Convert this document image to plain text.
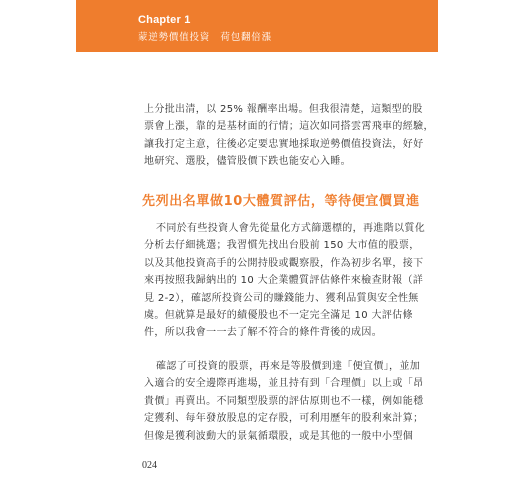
Chapter 1
蒙逆勢價值投資　荷包翻倍漲
上分批出清，以 25% 報酬率出場。但我很清楚，這類型的股
票會上漲，靠的是基材面的行情；這次如同搭雲霄飛車的經驗，
讓我打定主意，往後必定要忠實地採取逆勢價值投資法，好好
地研究、選股，儘管股價下跌也能安心入睡。
先列出名單做10大體質評估，等待便宜價買進
不同於有些投資人會先從量化方式篩選標的，再進階以質化
分析去仔細挑選；我習慣先找出台股前 150 大市值的股票，
以及其他投資高手的公開持股或觀察股，作為初步名單，接下
來再按照我歸納出的 10 大企業體質評估條件來檢查財報（詳
見 2-2），確認所投資公司的賺錢能力、獲利品質與安全性無
虞。但就算是最好的績優股也不一定完全滿足 10 大評估條
件，所以我會一一去了解不符合的條件背後的成因。
確認了可投資的股票，再來是等股價到達「便宜價」，並加
入適合的安全邊際再進場，並且持有到「合理價」以上或「昂
貴價」再賣出。不同類型股票的評估原則也不一樣，例如能穩
定獲利、每年發放股息的定存股，可利用歷年的股利來計算；
但像是獲利波動大的景氣循環股，或是其他的一般中小型個
024
